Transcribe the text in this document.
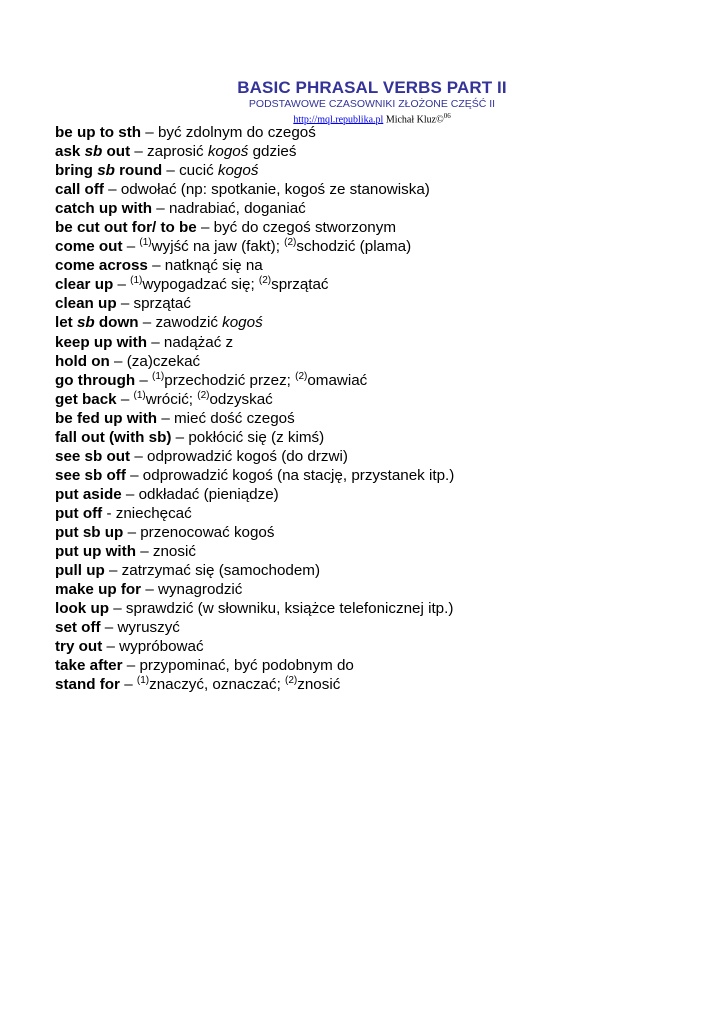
BASIC PHRASAL VERBS PART II
PODSTAWOWE CZASOWNIKI ZŁOŻONE CZĘŚĆ II
http://mql.republika.pl Michał Kluz©$^{06}$
be up to sth – być zdolnym do czegoś
ask sb out – zaprosić kogoś gdzieś
bring sb round – cucić kogoś
call off – odwołać (np: spotkanie, kogoś ze stanowiska)
catch up with – nadrabiać, doganiać
be cut out for/ to be – być do czegoś stworzonym
come out – $^{(1)}$wyjść na jaw (fakt); $^{(2)}$schodzić (plama)
come across – natknąć się na
clear up – $^{(1)}$wypogadzać się; $^{(2)}$sprzątać
clean up – sprzątać
let sb down – zawodzić kogoś
keep up with – nadążać z
hold on – (za)czekać
go through – $^{(1)}$przechodzić przez; $^{(2)}$omawiać
get back – $^{(1)}$wrócić; $^{(2)}$odzyskać
be fed up with – mieć dość czegoś
fall out (with sb) – pokłócić się (z kimś)
see sb out – odprowadzić kogoś (do drzwi)
see sb off – odprowadzić kogoś (na stację, przystanek itp.)
put aside – odkładać (pieniądze)
put off - zniechęcać
put sb up – przenocować kogoś
put up with – znosić
pull up – zatrzymać się (samochodem)
make up for – wynagrodzić
look up – sprawdzić (w słowniku, książce telefonicznej itp.)
set off – wyruszyć
try out – wypróbować
take after – przypominać, być podobnym do
stand for – $^{(1)}$znaczyć, oznaczać; $^{(2)}$znosić
